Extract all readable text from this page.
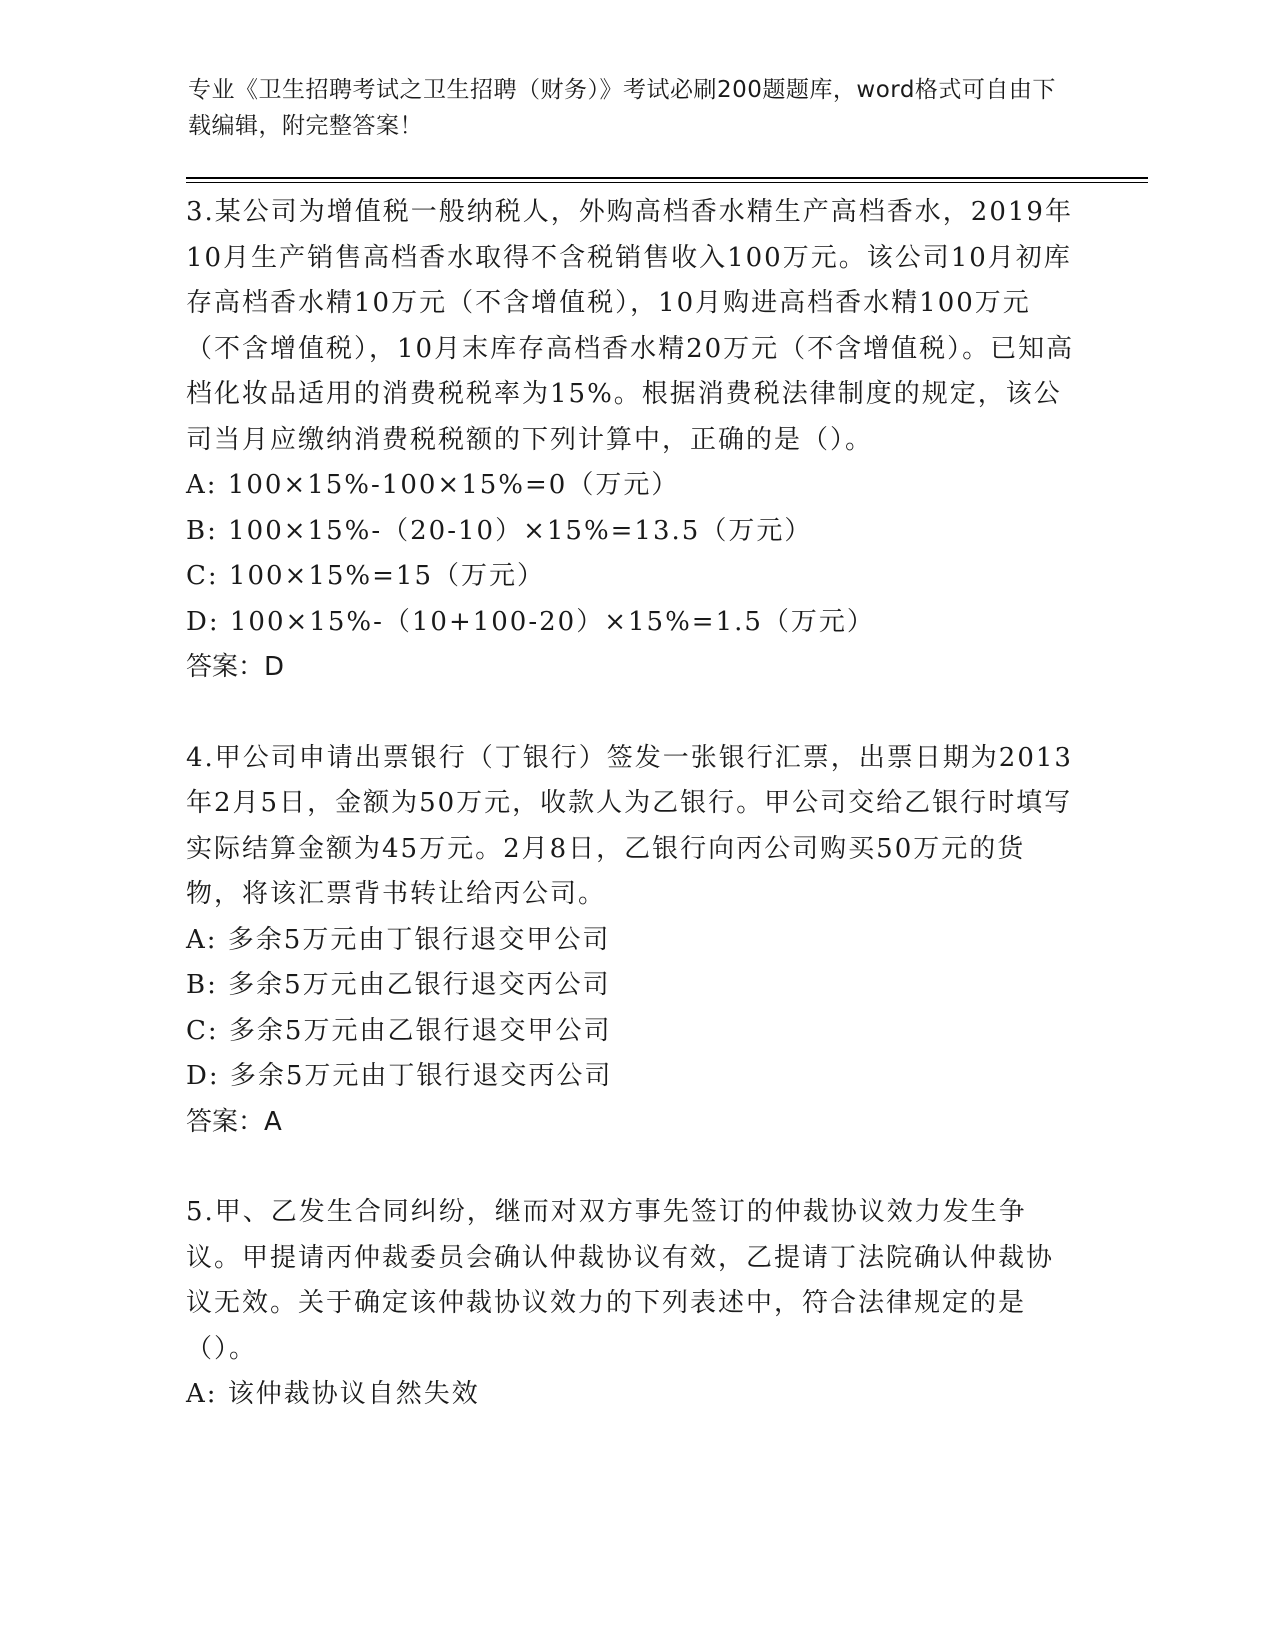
专业《卫生招聘考试之卫生招聘（财务）》考试必刷200题题库，word格式可自由下载编辑，附完整答案！

3.某公司为增值税一般纳税人，外购高档香水精生产高档香水，2019年10月生产销售高档香水取得不含税销售收入100万元。该公司10月初库存高档香水精10万元（不含增值税），10月购进高档香水精100万元（不含增值税），10月末库存高档香水精20万元（不含增值税）。已知高档化妆品适用的消费税税率为15%。根据消费税法律制度的规定，该公司当月应缴纳消费税税额的下列计算中，正确的是（）。

A: 100×15%-100×15%=0（万元）

B: 100×15%-（20-10）×15%=13.5（万元）

C: 100×15%=15（万元）

D: 100×15%-（10+100-20）×15%=1.5（万元）

答案：D

4.甲公司申请出票银行（丁银行）签发一张银行汇票，出票日期为2013年2月5日，金额为50万元，收款人为乙银行。甲公司交给乙银行时填写实际结算金额为45万元。2月8日，乙银行向丙公司购买50万元的货物，将该汇票背书转让给丙公司。

A: 多余5万元由丁银行退交甲公司

B: 多余5万元由乙银行退交丙公司

C: 多余5万元由乙银行退交甲公司

D: 多余5万元由丁银行退交丙公司

答案：A

5.甲、乙发生合同纠纷，继而对双方事先签订的仲裁协议效力发生争议。甲提请丙仲裁委员会确认仲裁协议有效，乙提请丁法院确认仲裁协议无效。关于确定该仲裁协议效力的下列表述中，符合法律规定的是（）。

A: 该仲裁协议自然失效
